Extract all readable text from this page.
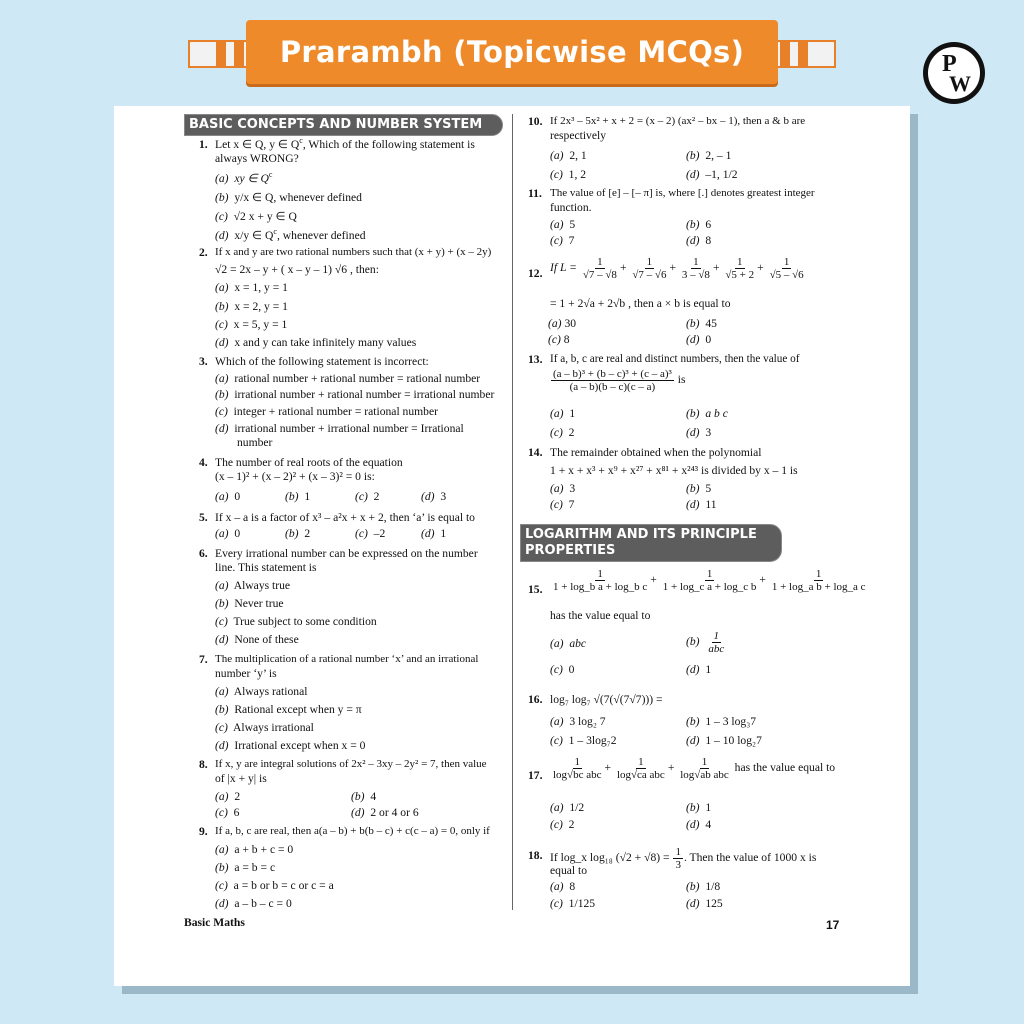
Prarambh (Topicwise MCQs)	P
W
BASIC CONCEPTS AND NUMBER SYSTEM
1. Let x ∈ Q, y ∈ $Q^c$, Which of the following statement is
always WRONG?
(a) xy ∈ $Q^c$
(b) y/x ∈ Q, whenever defined
(c) √2 x + y ∈ Q
(d) x/y ∈ $Q^c$, whenever defined
2. If x and y are two rational numbers such that (x + y) + (x – 2y)
√2 = 2x – y + ( x – y – 1) √6 , then:
(a) x = 1, y = 1
(b) x = 2, y = 1
(c) x = 5, y = 1
(d) x and y can take infinitely many values
3. Which of the following statement is incorrect:
(a) rational number + rational number = rational number
(b) irrational number + rational number = irrational number
(c) integer + rational number = rational number
(d) irrational number + irrational number = Irrational
number
4. The number of real roots of the equation
(x – 1)² + (x – 2)² + (x – 3)² = 0 is:
(a) 0	(b) 1	(c) 2	(d) 3
5. If x – a is a factor of x³ – a²x + x + 2, then ‘a’ is equal to
(a) 0	(b) 2	(c) –2	(d) 1
6. Every irrational number can be expressed on the number
line. This statement is
(a) Always true
(b) Never true
(c) True subject to some condition
(d) None of these
7. The multiplication of a rational number ‘x’ and an irrational
number ‘y’ is
(a) Always rational
(b) Rational except when y = π
(c) Always irrational
(d) Irrational except when x = 0
8. If x, y are integral solutions of 2x² – 3xy – 2y² = 7, then value
of |x + y| is
(a) 2	(b) 4
(c) 6	(d) 2 or 4 or 6
9. If a, b, c are real, then a(a – b) + b(b – c) + c(c – a) = 0, only if
(a) a + b + c = 0
(b) a = b = c
(c) a = b or b = c or c = a
(d) a – b – c = 0
10. If 2x³ – 5x² + x + 2 = (x – 2) (ax² – bx – 1), then a & b are
respectively
(a) 2, 1	(b) 2, – 1
(c) 1, 2	(d) –1, 1/2
11. The value of [e] – [– π] is, where [.] denotes greatest integer
function.
(a) 5	(b) 6
(c) 7	(d) 8
12. If $L = \frac{1}{√7 - √8} + \frac{1}{√7 - √6} + \frac{1}{3 - √8} + \frac{1}{√5 + 2} + \frac{1}{√5 - √6}$
= 1 + 2√a + 2√b , then a × b is equal to
(a) 30	(b) 45
(c) 8	(d) 0
13. If a, b, c are real and distinct numbers, then the value of
$\frac{\text{(a – b)³ + (b – c)³ + (c – a)³}}{(a - b)(b - c)(c - a)}$ is
(a) 1	(b) a b c
(c) 2	(d) 3
14. The remainder obtained when the polynomial
1 + x + x³ + x⁹ + x²⁷ + x⁸¹ + x²⁴³ is divided by x – 1 is
(a) 3	(b) 5
(c) 7	(d) 11
LOGARITHM AND ITS PRINCIPLE
PROPERTIES
15. $\frac{1}{\text{1 + log\_b a + log\_b c}} + \frac{1}{\text{1 + log\_c a + log\_c b}} + \frac{1}{\text{1 + log\_a b + log\_a c}}$
has the value equal to
(a) abc	$(b) \frac{1}{\text{abc}}$
(c) 0	(d) 1
16. log₇ log₇ √(7(√(7√7))) =
(a) 3 log₂ 7	(b) 1 – 3 log₃7
(c) 1 – 3log₇2	(d) 1 – 10 log₂7
17. $\frac{1}{\text{log√bc abc}} + \frac{1}{\text{log√ca abc}} + \frac{1}{\text{log√ab abc}}$ has the value equal to
(a) 1/2	(b) 1
(c) 2	(d) 4
18. If log_x log₁₈ $(√2 + √8) = \frac{1}{3}$ . Then the value of 1000 x is
equal to
(a) 8	(b) 1/8
(c) 1/125	(d) 125
Basic Maths	17
